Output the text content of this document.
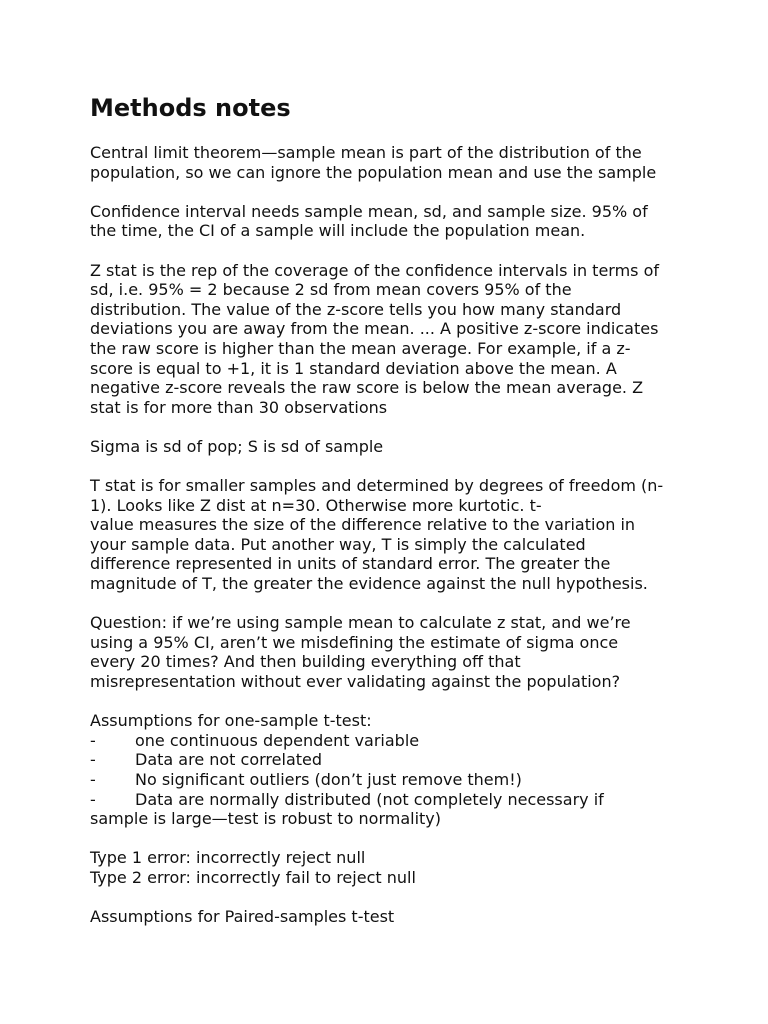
Methods notes
Central limit theorem—sample mean is part of the distribution of the
population, so we can ignore the population mean and use the sample
Confidence interval needs sample mean, sd, and sample size. 95% of
the time, the CI of a sample will include the population mean.
Z stat is the rep of the coverage of the confidence intervals in terms of
sd, i.e. 95% = 2 because 2 sd from mean covers 95% of the
distribution. The value of the z-score tells you how many standard
deviations you are away from the mean. ... A positive z-score indicates
the raw score is higher than the mean average. For example, if a z-
score is equal to +1, it is 1 standard deviation above the mean. A
negative z-score reveals the raw score is below the mean average. Z
stat is for more than 30 observations
Sigma is sd of pop; S is sd of sample
T stat is for smaller samples and determined by degrees of freedom (n-
1). Looks like Z dist at n=30. Otherwise more kurtotic. t-
value measures the size of the difference relative to the variation in
your sample data. Put another way, T is simply the calculated
difference represented in units of standard error. The greater the
magnitude of T, the greater the evidence against the null hypothesis.
Question: if we’re using sample mean to calculate z stat, and we’re
using a 95% CI, aren’t we misdefining the estimate of sigma once
every 20 times? And then building everything off that
misrepresentation without ever validating against the population?
Assumptions for one-sample t-test:

-

one continuous dependent variable

-

Data are not correlated

-

No significant outliers (don’t just remove them!)

-

Data are normally distributed (not completely necessary if

sample is large—test is robust to normality)
Type 1 error: incorrectly reject null
Type 2 error: incorrectly fail to reject null
Assumptions for Paired-samples t-test
